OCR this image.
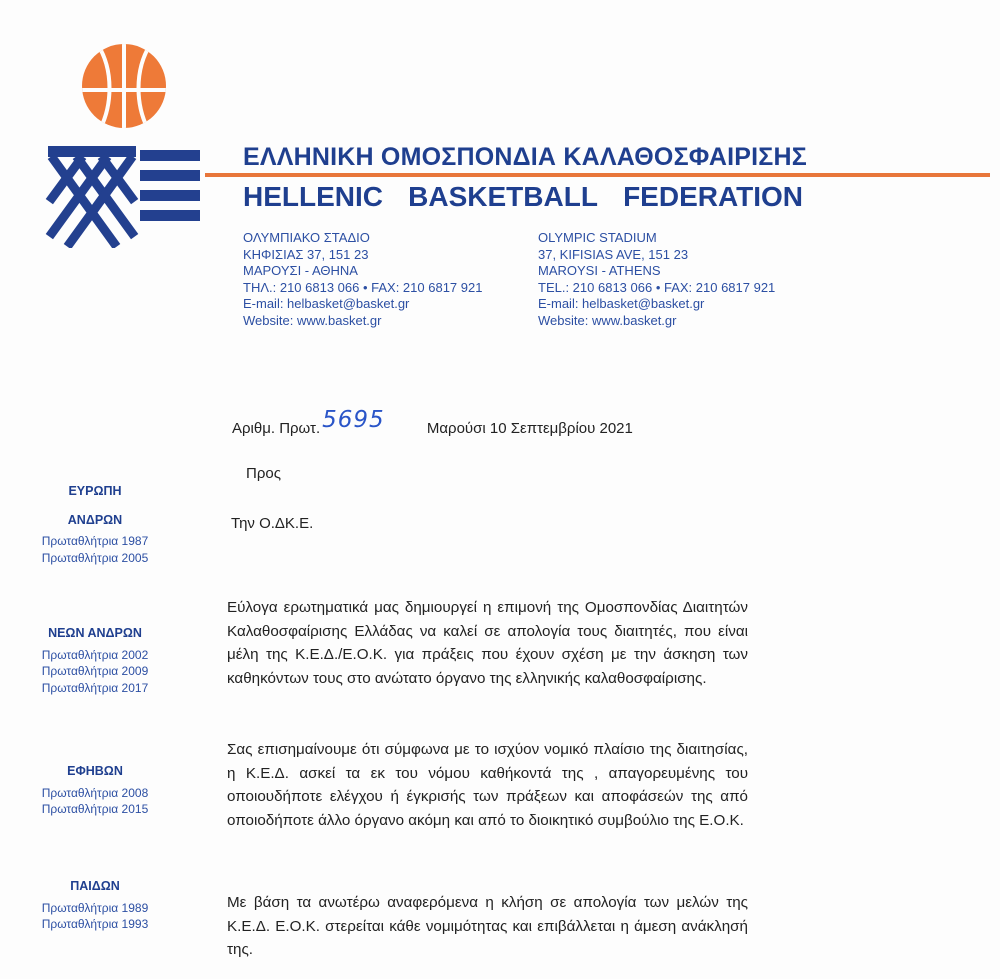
ΕΛΛΗΝΙΚΗ ΟΜΟΣΠΟΝΔΙΑ ΚΑΛΑΘΟΣΦΑΙΡΙΣΗΣ
HELLENIC BASKETBALL FEDERATION
ΟΛΥΜΠΙΑΚΟ ΣΤΑΔΙΟ
ΚΗΦΙΣΙΑΣ 37, 151 23
ΜΑΡΟΥΣΙ - ΑΘΗΝΑ
ΤΗΛ.: 210 6813 066 • FAX: 210 6817 921
E-mail: helbasket@basket.gr
Website: www.basket.gr
OLYMPIC STADIUM
37, KIFISIAS AVE, 151 23
MAROYSI - ATHENS
TEL.: 210 6813 066 • FAX: 210 6817 921
E-mail: helbasket@basket.gr
Website: www.basket.gr
Αριθμ. Πρωτ.5695	Μαρούσι 10 Σεπτεμβρίου 2021
Προς
Την Ο.ΔΚ.Ε.
Εύλογα ερωτηματικά μας δημιουργεί η επιμονή της Ομοσπονδίας Διαιτητών Καλαθοσφαίρισης Ελλάδας να καλεί σε απολογία τους διαιτητές, που είναι μέλη της Κ.Ε.Δ./Ε.Ο.Κ. για πράξεις που έχουν σχέση με την άσκηση των καθηκόντων τους στο ανώτατο όργανο της ελληνικής καλαθοσφαίρισης.
Σας επισημαίνουμε ότι σύμφωνα με το ισχύον νομικό πλαίσιο της διαιτησίας, η Κ.Ε.Δ. ασκεί τα εκ του νόμου καθήκοντά της , απαγορευμένης του οποιουδήποτε ελέγχου ή έγκρισής των πράξεων και αποφάσεών της από οποιοδήποτε άλλο όργανο ακόμη και από το διοικητικό συμβούλιο της Ε.Ο.Κ.
Με βάση τα ανωτέρω αναφερόμενα η κλήση σε απολογία των μελών της Κ.Ε.Δ. Ε.Ο.Κ. στερείται κάθε νομιμότητας και επιβάλλεται η άμεση ανάκλησή της.
ΕΥΡΩΠΗ
ΑΝΔΡΩΝ
Πρωταθλήτρια 1987
Πρωταθλήτρια 2005
ΝΕΩΝ ΑΝΔΡΩΝ
Πρωταθλήτρια 2002
Πρωταθλήτρια 2009
Πρωταθλήτρια 2017
ΕΦΗΒΩΝ
Πρωταθλήτρια 2008
Πρωταθλήτρια 2015
ΠΑΙΔΩΝ
Πρωταθλήτρια 1989
Πρωταθλήτρια 1993
